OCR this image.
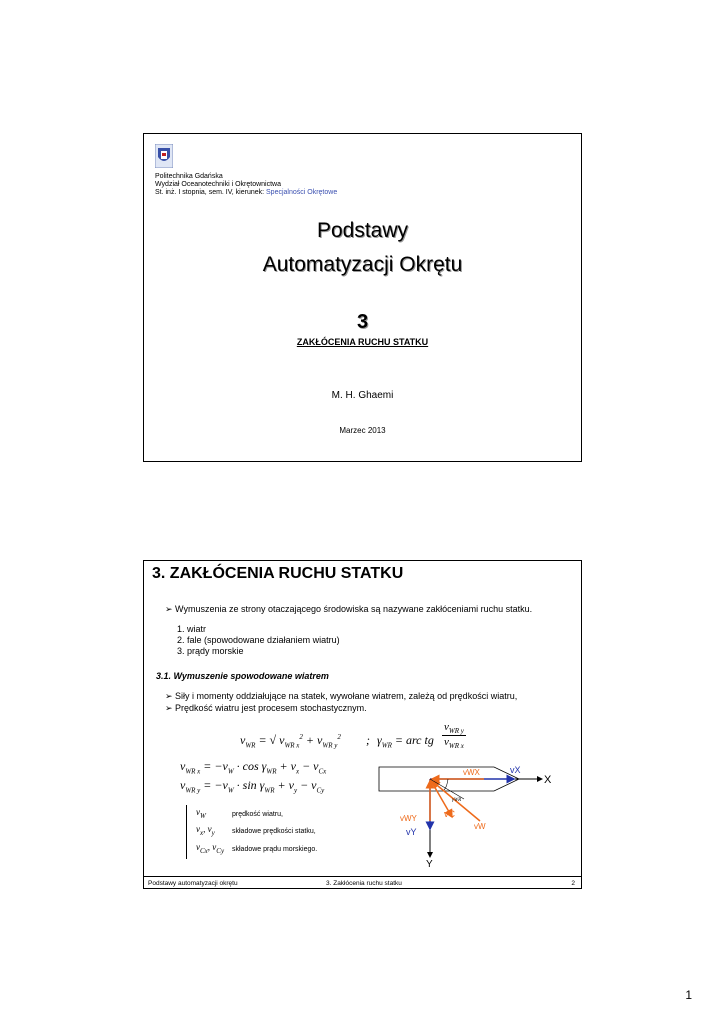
Politechnika Gdańska
Wydział Oceanotechniki i Okrętownictwa
St. inż. I stopnia, sem. IV, kierunek: Specjalności Okrętowe
Podstawy
Automatyzacji Okrętu
3
ZAKŁÓCENIA RUCHU STATKU
M. H. Ghaemi
Marzec 2013
3. ZAKŁÓCENIA RUCHU STATKU
➢ Wymuszenia ze strony otaczającego środowiska są nazywane zakłóceniami ruchu statku.
1. wiatr
2. fale (spowodowane działaniem wiatru)
3. prądy morskie
3.1. Wymuszenie spowodowane wiatrem
➢ Siły i momenty oddziałujące na statek, wywołane wiatrem, zależą od prędkości wiatru,
➢ Prędkość wiatru jest procesem stochastycznym.
$v_{WR}$ = √ $v_{WR x}^2 + v_{WR y}^2$ ; $\gamma_{WR}$ = arc tg
$v_{WR y}$
$v_{WR x}$
$v_{WR x} = -v_W \cdot \cos \gamma_{WR} + v_x - v_{Cx}$
$v_{WR y} = -v_W \cdot \sin \gamma_{WR} + v_y - v_{Cy}$
$v_W$	prędkość wiatru,
$v_x$, $v_y$ składowe prędkości statku,
$v_{Cx}$, $v_{Cy}$ składowe prądu morskiego.
X
Y
vX
vWX
vWY
vY
vC
vW
γWR
Podstawy automatyzacji okrętu	3. Zakłócenia ruchu statku	2
1
